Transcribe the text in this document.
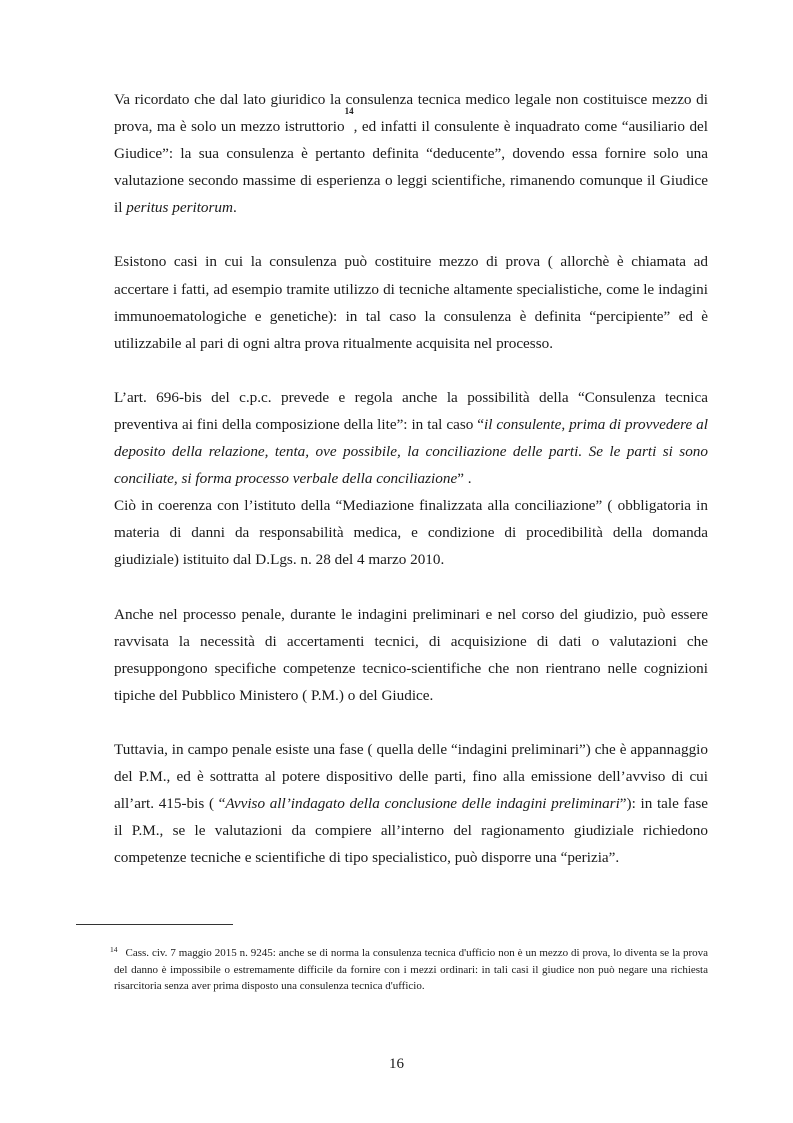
Va ricordato che dal lato giuridico la consulenza tecnica medico legale non costituisce mezzo di prova, ma è solo un mezzo istruttorio$^{14}$, ed infatti il consulente è inquadrato come “ausiliario del Giudice”: la sua consulenza è pertanto definita “deducente”, dovendo essa fornire solo una valutazione secondo massime di esperienza o leggi scientifiche, rimanendo comunque il Giudice il peritus peritorum.

Esistono casi in cui la consulenza può costituire mezzo di prova ( allorchè è chiamata ad accertare i fatti, ad esempio tramite utilizzo di tecniche altamente specialistiche, come le indagini immunoematologiche e genetiche): in tal caso la consulenza è definita “percipiente” ed è utilizzabile al pari di ogni altra prova ritualmente acquisita nel processo.

L’art. 696-bis del c.p.c. prevede e regola anche la possibilità della “Consulenza tecnica preventiva ai fini della composizione della lite”: in tal caso “il consulente, prima di provvedere al deposito della relazione, tenta, ove possibile, la conciliazione delle parti. Se le parti si sono conciliate, si forma processo verbale della conciliazione” .

Ciò in coerenza con l’istituto della “Mediazione finalizzata alla conciliazione” ( obbligatoria in materia di danni da responsabilità medica, e condizione di procedibilità della domanda giudiziale) istituito dal D.Lgs. n. 28 del 4 marzo 2010.

Anche nel processo penale, durante le indagini preliminari e nel corso del giudizio, può essere ravvisata la necessità di accertamenti tecnici, di acquisizione di dati o valutazioni che presuppongono specifiche competenze tecnico-scientifiche che non rientrano nelle cognizioni tipiche del Pubblico Ministero ( P.M.) o del Giudice.

Tuttavia, in campo penale esiste una fase ( quella delle “indagini preliminari”) che è appannaggio del P.M., ed è sottratta al potere dispositivo delle parti, fino alla emissione dell’avviso di cui all’art. 415-bis ( “Avviso all’indagato della conclusione delle indagini preliminari”): in tale fase il P.M., se le valutazioni da compiere all’interno del ragionamento giudiziale richiedono competenze tecniche e scientifiche di tipo specialistico, può disporre una “perizia”.

$^{14}$ Cass. civ. 7 maggio 2015 n. 9245: anche se di norma la consulenza tecnica d'ufficio non è un mezzo di prova, lo diventa se la prova del danno è impossibile o estremamente difficile da fornire con i mezzi ordinari: in tali casi il giudice non può negare una richiesta risarcitoria senza aver prima disposto una consulenza tecnica d'ufficio.
16
